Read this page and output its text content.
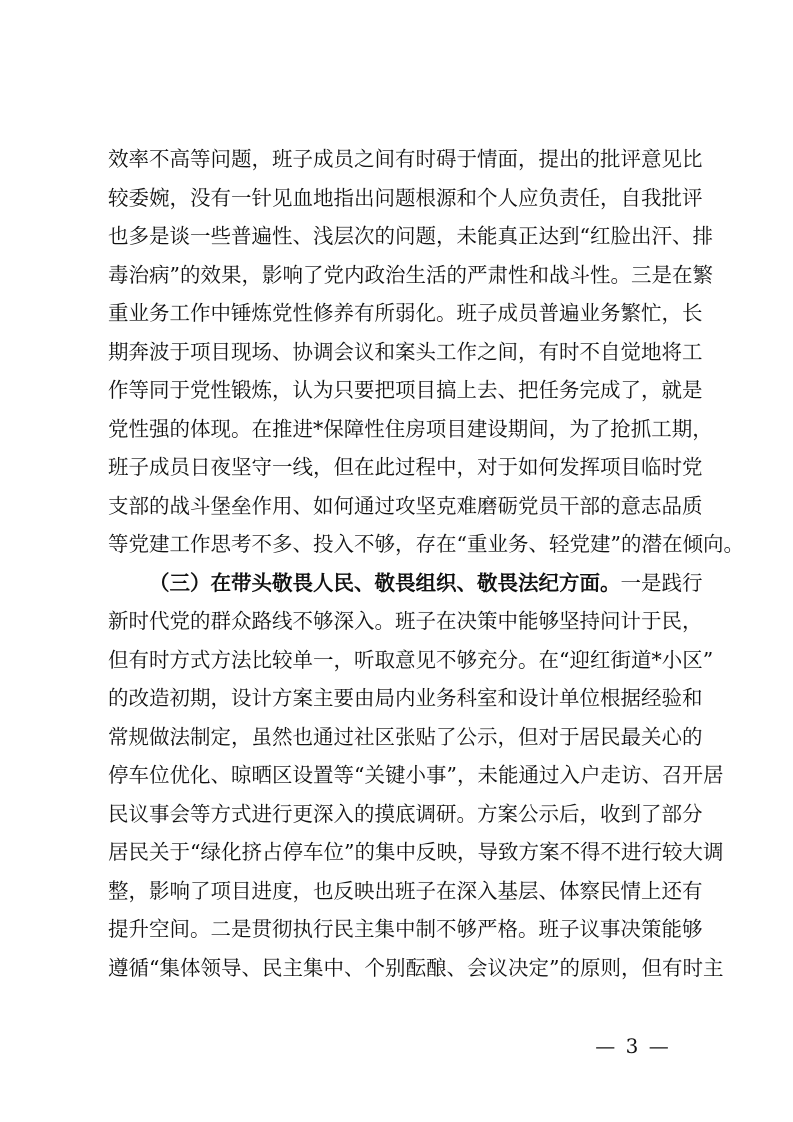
效率不高等问题，班子成员之间有时碍于情面，提出的批评意见比
较委婉，没有一针见血地指出问题根源和个人应负责任，自我批评
也多是谈一些普遍性、浅层次的问题，未能真正达到“红脸出汗、排
毒治病”的效果，影响了党内政治生活的严肃性和战斗性。三是在繁
重业务工作中锤炼党性修养有所弱化。班子成员普遍业务繁忙，长
期奔波于项目现场、协调会议和案头工作之间，有时不自觉地将工
作等同于党性锻炼，认为只要把项目搞上去、把任务完成了，就是
党性强的体现。在推进*保障性住房项目建设期间，为了抢抓工期，
班子成员日夜坚守一线，但在此过程中，对于如何发挥项目临时党
支部的战斗堡垒作用、如何通过攻坚克难磨砺党员干部的意志品质
等党建工作思考不多、投入不够，存在“重业务、轻党建”的潜在倾向。
（三）在带头敬畏人民、敬畏组织、敬畏法纪方面。一是践行
新时代党的群众路线不够深入。班子在决策中能够坚持问计于民，
但有时方式方法比较单一，听取意见不够充分。在“迎红街道*小区”
的改造初期，设计方案主要由局内业务科室和设计单位根据经验和
常规做法制定，虽然也通过社区张贴了公示，但对于居民最关心的
停车位优化、晾晒区设置等“关键小事”，未能通过入户走访、召开居
民议事会等方式进行更深入的摸底调研。方案公示后，收到了部分
居民关于“绿化挤占停车位”的集中反映，导致方案不得不进行较大调
整，影响了项目进度，也反映出班子在深入基层、体察民情上还有
提升空间。二是贯彻执行民主集中制不够严格。班子议事决策能够
遵循“集体领导、民主集中、个别酝酿、会议决定”的原则，但有时主
— 3 —
